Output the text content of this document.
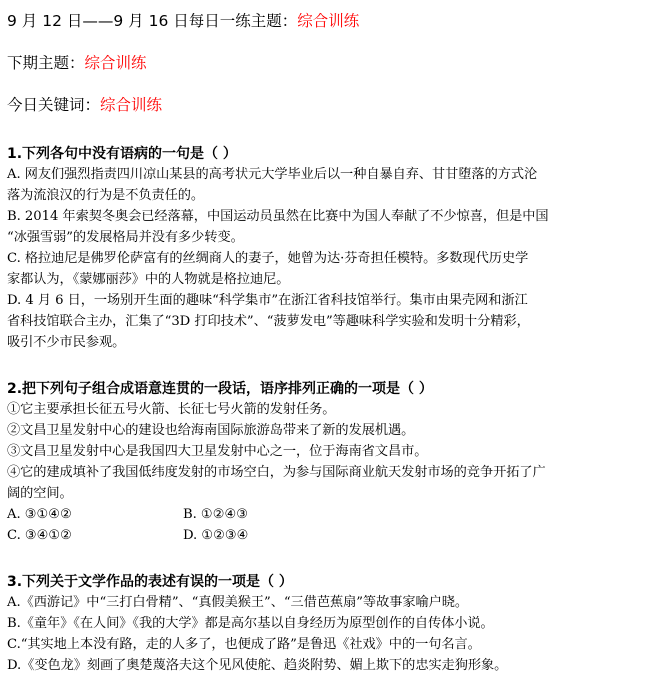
9 月 12 日——9 月 16 日每日一练主题：综合训练
下期主题：综合训练
今日关键词：综合训练
1.下列各句中没有语病的一句是（ ）
A. 网友们强烈指责四川凉山某县的高考状元大学毕业后以一种自暴自弃、甘甘堕落的方式沦
落为流浪汉的行为是不负责任的。
B. 2014 年索契冬奥会已经落幕，中国运动员虽然在比赛中为国人奉献了不少惊喜，但是中国
“冰强雪弱”的发展格局并没有多少转变。
C. 格拉迪尼是佛罗伦萨富有的丝绸商人的妻子，她曾为达·芬奇担任模特。多数现代历史学
家都认为，《蒙娜丽莎》中的人物就是格拉迪尼。
D. 4 月 6 日，一场别开生面的趣味“科学集市”在浙江省科技馆举行。集市由果壳网和浙江
省科技馆联合主办，汇集了“3D 打印技术”、“菠萝发电”等趣味科学实验和发明十分精彩，
吸引不少市民参观。
2.把下列句子组合成语意连贯的一段话，语序排列正确的一项是（ ）
①它主要承担长征五号火箭、长征七号火箭的发射任务。
②文昌卫星发射中心的建设也给海南国际旅游岛带来了新的发展机遇。
③文昌卫星发射中心是我国四大卫星发射中心之一，位于海南省文昌市。
④它的建成填补了我国低纬度发射的市场空白，为参与国际商业航天发射市场的竞争开拓了广
阔的空间。
A. ③①④②	B. ①②④③
C. ③④①②	D. ①②③④
3.下列关于文学作品的表述有误的一项是（ ）
A.《西游记》中“三打白骨精”、“真假美猴王”、“三借芭蕉扇”等故事家喻户晓。
B.《童年》《在人间》《我的大学》都是高尔基以自身经历为原型创作的自传体小说。
C.“其实地上本没有路，走的人多了，也便成了路”是鲁迅《社戏》中的一句名言。
D.《变色龙》刻画了奥楚蔑洛夫这个见风使舵、趋炎附势、媚上欺下的忠实走狗形象。
